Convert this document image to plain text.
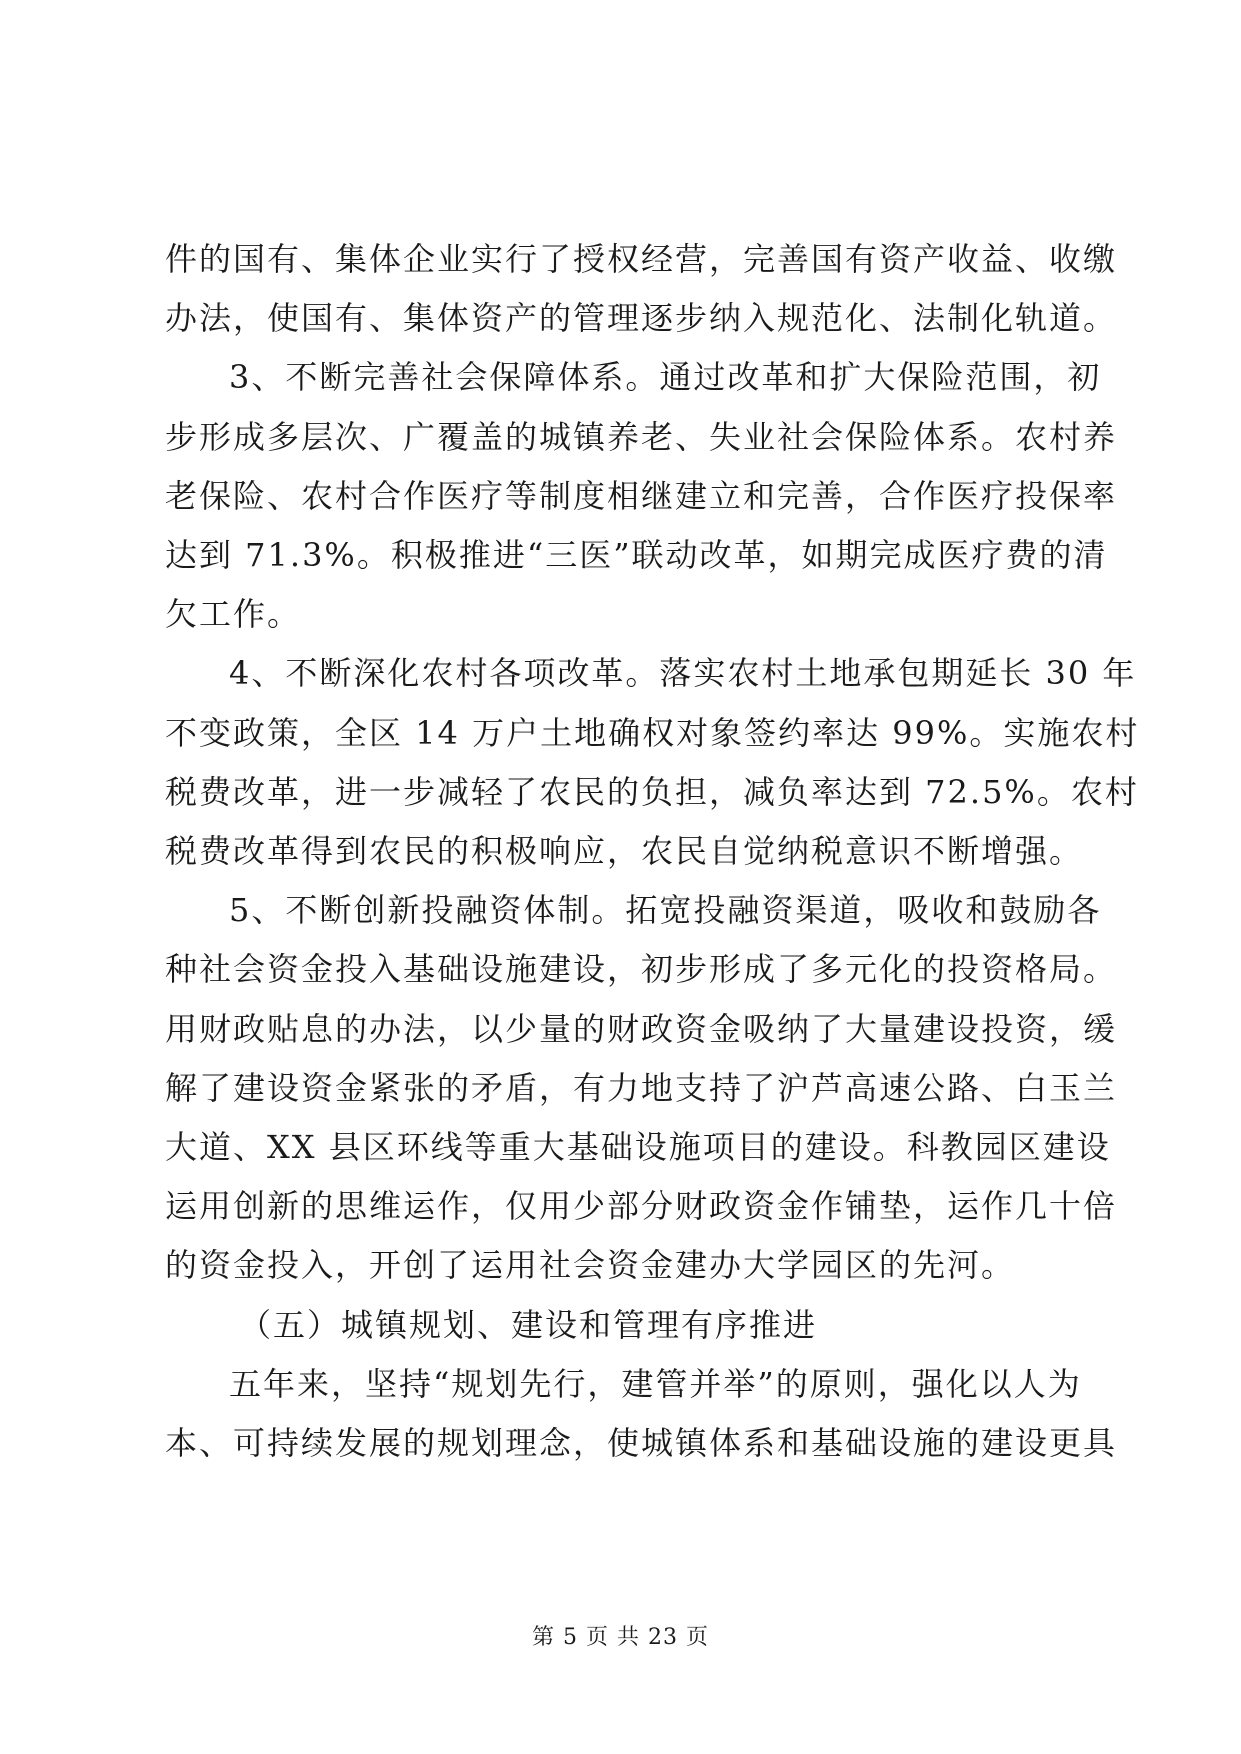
件的国有、集体企业实行了授权经营，完善国有资产收益、收缴
办法，使国有、集体资产的管理逐步纳入规范化、法制化轨道。

3、不断完善社会保障体系。通过改革和扩大保险范围，初
步形成多层次、广覆盖的城镇养老、失业社会保险体系。农村养
老保险、农村合作医疗等制度相继建立和完善，合作医疗投保率
达到 71.3%。积极推进“三医”联动改革，如期完成医疗费的清
欠工作。

4、不断深化农村各项改革。落实农村土地承包期延长 30 年
不变政策，全区 14 万户土地确权对象签约率达 99%。实施农村
税费改革，进一步减轻了农民的负担，减负率达到 72.5%。农村
税费改革得到农民的积极响应，农民自觉纳税意识不断增强。

5、不断创新投融资体制。拓宽投融资渠道，吸收和鼓励各
种社会资金投入基础设施建设，初步形成了多元化的投资格局。
用财政贴息的办法，以少量的财政资金吸纳了大量建设投资，缓
解了建设资金紧张的矛盾，有力地支持了沪芦高速公路、白玉兰
大道、XX 县区环线等重大基础设施项目的建设。科教园区建设
运用创新的思维运作，仅用少部分财政资金作铺垫，运作几十倍
的资金投入，开创了运用社会资金建办大学园区的先河。

（五）城镇规划、建设和管理有序推进

五年来，坚持“规划先行，建管并举”的原则，强化以人为
本、可持续发展的规划理念，使城镇体系和基础设施的建设更具

第 5 页 共 23 页
